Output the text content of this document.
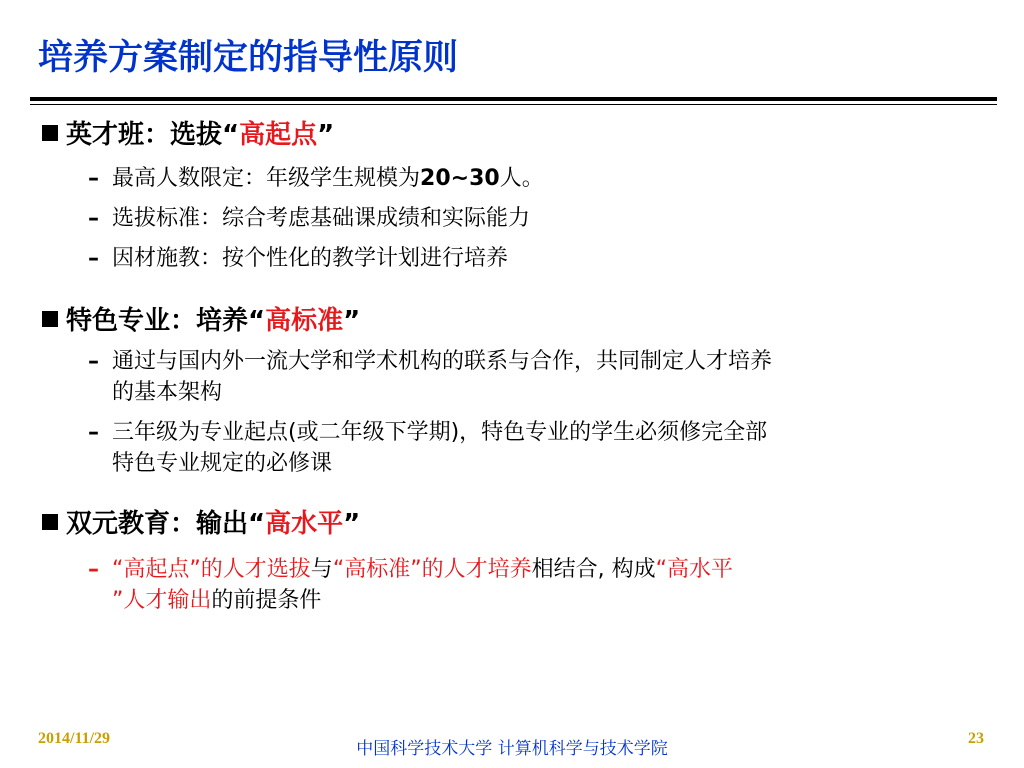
培养方案制定的指导性原则
英才班：选拔“高起点”
– 最高人数限定：年级学生规模为20~30人。
– 选拔标准：综合考虑基础课成绩和实际能力
– 因材施教：按个性化的教学计划进行培养
特色专业：培养“高标准”
– 通过与国内外一流大学和学术机构的联系与合作，共同制定人才培养
的基本架构
– 三年级为专业起点(或二年级下学期)，特色专业的学生必须修完全部
特色专业规定的必修课
双元教育：输出“高水平”
– “高起点”的人才选拔与“高标准”的人才培养相结合, 构成“高水平
”人才输出的前提条件
2014/11/29
中国科学技术大学 计算机科学与技术学院
23
